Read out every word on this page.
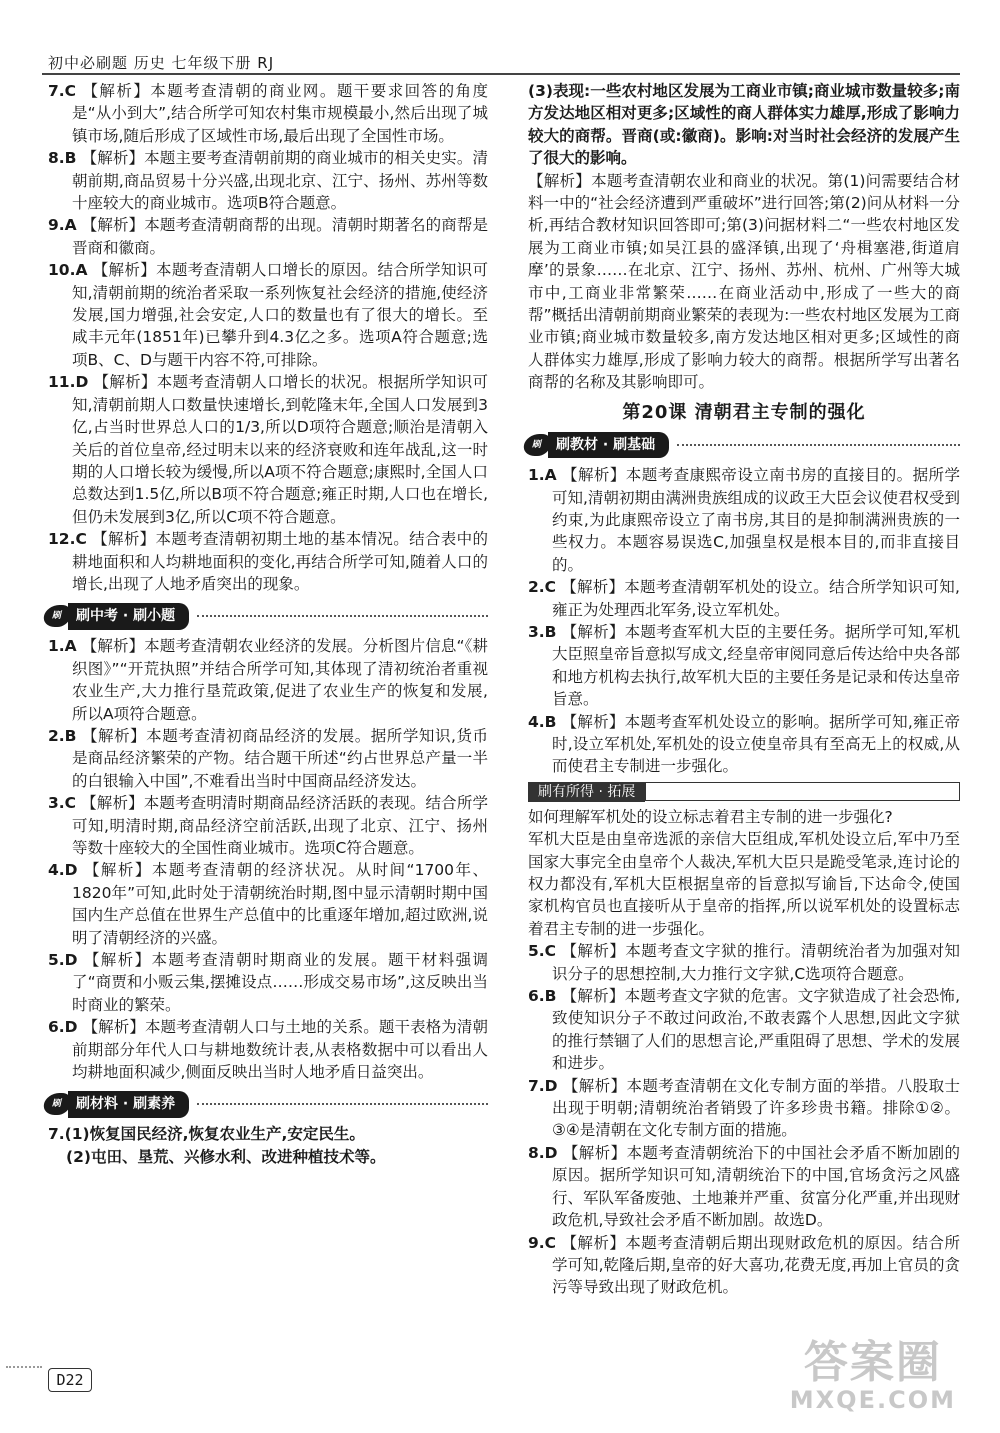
初中必刷题 历史 七年级下册 RJ

7.C 【解析】本题考查清朝的商业网。题干要求回答的角度是“从小到大”,结合所学可知农村集市规模最小,然后出现了城镇市场,随后形成了区域性市场,最后出现了全国性市场。

8.B 【解析】本题主要考查清朝前期的商业城市的相关史实。清朝前期,商品贸易十分兴盛,出现北京、江宁、扬州、苏州等数十座较大的商业城市。选项B符合题意。

9.A 【解析】本题考查清朝商帮的出现。清朝时期著名的商帮是晋商和徽商。

10.A 【解析】本题考查清朝人口增长的原因。结合所学知识可知,清朝前期的统治者采取一系列恢复社会经济的措施,使经济发展,国力增强,社会安定,人口的数量也有了很大的增长。至咸丰元年(1851年)已攀升到4.3亿之多。选项A符合题意;选项B、C、D与题干内容不符,可排除。

11.D 【解析】本题考查清朝人口增长的状况。根据所学知识可知,清朝前期人口数量快速增长,到乾隆末年,全国人口发展到3亿,占当时世界总人口的1/3,所以D项符合题意;顺治是清朝入关后的首位皇帝,经过明末以来的经济衰败和连年战乱,这一时期的人口增长较为缓慢,所以A项不符合题意;康熙时,全国人口总数达到1.5亿,所以B项不符合题意;雍正时期,人口也在增长,但仍未发展到3亿,所以C项不符合题意。

12.C 【解析】本题考查清朝初期土地的基本情况。结合表中的耕地面积和人均耕地面积的变化,再结合所学可知,随着人口的增长,出现了人地矛盾突出的现象。

刷 刷中考 · 刷小题

1.A 【解析】本题考查清朝农业经济的发展。分析图片信息“《耕织图》”“开荒执照”并结合所学可知,其体现了清初统治者重视农业生产,大力推行垦荒政策,促进了农业生产的恢复和发展,所以A项符合题意。

2.B 【解析】本题考查清初商品经济的发展。据所学知识,货币是商品经济繁荣的产物。结合题干所述“约占世界总产量一半的白银输入中国”,不难看出当时中国商品经济发达。

3.C 【解析】本题考查明清时期商品经济活跃的表现。结合所学可知,明清时期,商品经济空前活跃,出现了北京、江宁、扬州等数十座较大的全国性商业城市。选项C符合题意。

4.D 【解析】本题考查清朝的经济状况。从时间“1700年、1820年”可知,此时处于清朝统治时期,图中显示清朝时期中国国内生产总值在世界生产总值中的比重逐年增加,超过欧洲,说明了清朝经济的兴盛。

5.D 【解析】本题考查清朝时期商业的发展。题干材料强调了“商贾和小贩云集,摆摊设点……形成交易市场”,这反映出当时商业的繁荣。

6.D 【解析】本题考查清朝人口与土地的关系。题干表格为清朝前期部分年代人口与耕地数统计表,从表格数据中可以看出人均耕地面积减少,侧面反映出当时人地矛盾日益突出。

刷 刷材料 · 刷素养

7.(1)恢复国民经济,恢复农业生产,安定民生。

(2)屯田、垦荒、兴修水利、改进种植技术等。

(3)表现:一些农村地区发展为工商业市镇;商业城市数量较多;南方发达地区相对更多;区域性的商人群体实力雄厚,形成了影响力较大的商帮。晋商(或:徽商)。影响:对当时社会经济的发展产生了很大的影响。

【解析】本题考查清朝农业和商业的状况。第(1)问需要结合材料一中的“社会经济遭到严重破坏”进行回答;第(2)问从材料一分析,再结合教材知识回答即可;第(3)问据材料二“一些农村地区发展为工商业市镇;如吴江县的盛泽镇,出现了‘舟楫塞港,街道肩摩’的景象……在北京、江宁、扬州、苏州、杭州、广州等大城市中,工商业非常繁荣……在商业活动中,形成了一些大的商帮”概括出清朝前期商业繁荣的表现为:一些农村地区发展为工商业市镇;商业城市数量较多,南方发达地区相对更多;区域性的商人群体实力雄厚,形成了影响力较大的商帮。根据所学写出著名商帮的名称及其影响即可。

第20课 清朝君主专制的强化
刷 刷教材 · 刷基础

1.A 【解析】本题考查康熙帝设立南书房的直接目的。据所学可知,清朝初期由满洲贵族组成的议政王大臣会议使君权受到约束,为此康熙帝设立了南书房,其目的是抑制满洲贵族的一些权力。本题容易误选C,加强皇权是根本目的,而非直接目的。

2.C 【解析】本题考查清朝军机处的设立。结合所学知识可知,雍正为处理西北军务,设立军机处。

3.B 【解析】本题考查军机大臣的主要任务。据所学可知,军机大臣照皇帝旨意拟写成文,经皇帝审阅同意后传达给中央各部和地方机构去执行,故军机大臣的主要任务是记录和传达皇帝旨意。

4.B 【解析】本题考查军机处设立的影响。据所学可知,雍正帝时,设立军机处,军机处的设立使皇帝具有至高无上的权威,从而使君主专制进一步强化。

刷有所得 · 拓展

如何理解军机处的设立标志着君主专制的进一步强化?

军机大臣是由皇帝选派的亲信大臣组成,军机处设立后,军中乃至国家大事完全由皇帝个人裁决,军机大臣只是跪受笔录,连讨论的权力都没有,军机大臣根据皇帝的旨意拟写谕旨,下达命令,使国家机构官员也直接听从于皇帝的指挥,所以说军机处的设置标志着君主专制的进一步强化。

5.C 【解析】本题考查文字狱的推行。清朝统治者为加强对知识分子的思想控制,大力推行文字狱,C选项符合题意。

6.B 【解析】本题考查文字狱的危害。文字狱造成了社会恐怖,致使知识分子不敢过问政治,不敢表露个人思想,因此文字狱的推行禁锢了人们的思想言论,严重阻碍了思想、学术的发展和进步。

7.D 【解析】本题考查清朝在文化专制方面的举措。八股取士出现于明朝;清朝统治者销毁了许多珍贵书籍。排除①②。③④是清朝在文化专制方面的措施。

8.D 【解析】本题考查清朝统治下的中国社会矛盾不断加剧的原因。据所学知识可知,清朝统治下的中国,官场贪污之风盛行、军队军备废弛、土地兼并严重、贫富分化严重,并出现财政危机,导致社会矛盾不断加剧。故选D。

9.C 【解析】本题考查清朝后期出现财政危机的原因。结合所学可知,乾隆后期,皇帝的好大喜功,花费无度,再加上官员的贪污等导致出现了财政危机。

D22	答案圈
MXQE.COM
